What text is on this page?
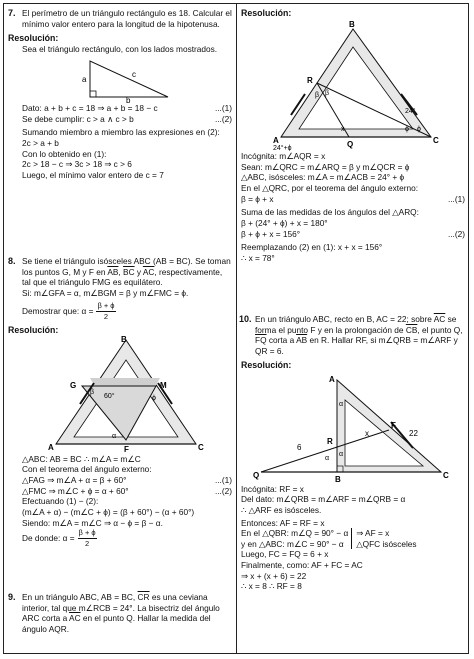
7. El perímetro de un triángulo rectángulo es 18. Calcular el mínimo valor entero para la longitud de la hipotenusa.

Resolución:

Sea el triángulo rectángulo, con los lados mostrados.

a
c
b
Dato: a + b + c = 18 ⇒ a + b = 18 − c	...(1)
Se debe cumplir: c > a ∧ c > b	...(2)

Sumando miembro a miembro las expresiones en (2):

2c > a + b

Con lo obtenido en (1):

2c > 18 − c ⇒ 3c > 18 ⇒ c > 6

Luego, el mínimo valor entero de c = 7

8. Se tiene el triángulo isósceles ABC (AB = BC). Se toman los puntos G, M y F en $\overline{AB}$, $\overline{BC}$ y $\overline{AC}$, respectivamente, tal que el triángulo FMG es equilátero.

Si: m∠GFA = α, m∠BGM = β y m∠FMC = ϕ.

Demostrar que: $\alpha = \frac{\beta + \phi}{2}$

Resolución:

B
G	M
A	C
F
β
ϕ
α
60°

△ABC: AB = BC ∴ m∠A = m∠C

Con el teorema del ángulo externo:

△FAG ⇒ m∠A + α = β + 60°	...(1)
△FMC ⇒ m∠C + ϕ = α + 60°	...(2)

Efectuando (1) − (2):

(m∠A + α) − (m∠C + ϕ) = (β + 60°) − (α + 60°)

Siendo: m∠A = m∠C ⇒ α − ϕ = β − α.

De donde: $\alpha = \frac{\beta + \phi}{2}$
9. En un triángulo ABC, AB = BC, $\overline{CR}$ es una ceviana interior, tal que m∠RCB = 24°. La bisectriz del ángulo ARC corta a $\overline{AC}$ en el punto Q. Hallar la medida del ángulo AQR.

Resolución:

B
R
A	Q	C
β β
ϕ ϕ
x
24°
24°+ϕ

Incógnita: m∠AQR = x

Sean: m∠QRC = m∠ARQ = β y m∠QCR = ϕ

△ABC, isósceles: m∠A = m∠ACB = 24° + ϕ

En el △QRC, por el teorema del ángulo externo:

β = ϕ + x	...(1)

Suma de las medidas de los ángulos del △ARQ:

β + (24° + ϕ) + x = 180°

β + ϕ + x = 156°	...(2)

Reemplazando (2) en (1): x + x = 156°

∴ x = 78°

10. En un triángulo ABC, recto en B, AC = 22; sobre $\overline{AC}$ se forma el punto F y en la prolongación de $\overline{CB}$, el punto Q, $\overline{FQ}$ corta a $\overline{AB}$ en R. Hallar RF, si m∠QRB = m∠ARF y QR = 6.

Resolución:

A
R
F
Q	B	C
6
x	22
α
α
α

Incógnita: RF = x

Del dato: m∠QRB = m∠ARF = m∠QRB = α

∴ △ARF es isósceles.

Entonces: AF = RF = x

En el △QBR: m∠Q = 90° − α

y en △ABC: m∠C = 90° − α

⇒ AF = x

△QFC isósceles

Luego, FC = FQ = 6 + x

Finalmente, como: AF + FC = AC

⇒ x + (x + 6) = 22

∴ x = 8 ∴ RF = 8
